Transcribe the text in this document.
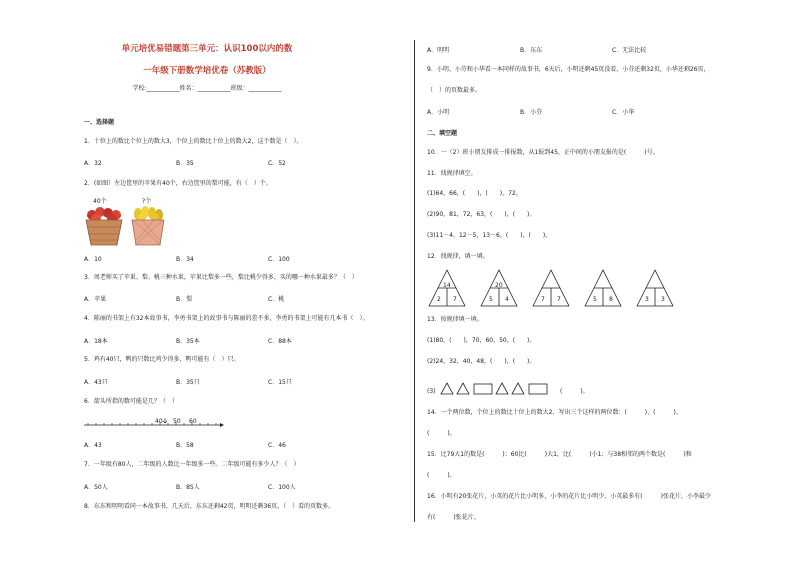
单元培优易错题第三单元：认识100以内的数
一年级下册数学培优卷（苏教版）
学校:___________姓名：___________班级：___________
一、选择题
1．十位上的数比个位上的数大3，个位上的数比十位上的数大2，这个数是（　）。
A．32	B．35	C．52
2．(如图）左边筐里的苹果有40个，右边筐里的梨可能，有（　）个。
40个	?个
A．10	B．34	C．100
3．周老师买了苹果、梨、桃三种水果，苹果比梨多一些，梨比桃少得多，买的哪一种水果最多？（　）
A．苹果	B．梨	C．桃
4．陈丽的书架上有32本故事书，李勇书架上的故事书与陈丽的差不多，李勇的书架上可能有几本书（　）。
A．18本	B．35本	C．88本
5．鸡有40只，鸭的只数比鸡少得多，鸭可能有（　）只。
A．43只	B．35只	C．15只
6．箭头所指的数可能是几？（　）
40 50 60
A．43	B．58	C．46
7．一年级有80人，二年级的人数比一年级多一些。二年级可能有多少人？（　）
A．50人	B．85人	C．100人
8．东东和明明看同一本故事书，几天后，东东还剩42页，明明还剩36页，（　）看的页数多。
A．明明	B．东东	C．无法比较
9．小明、小芬和小华看一本同样的故事书，6天后，小明还剩45页没看，小芬还剩32页，小华还剩26页，
（　）的页数最多。
A．小明	B．小芬	C．小华
二、填空题
10．一（2）班小朋友排成一排报数，从1报到45，正中间的小朋友报的是(　　　)号。
11．找规律填空。
(1)64，66，(　　)，(　　)，72。
(2)90，81，72，63，(　　)，(　　)。
(3)11－4，12－5，13－6，(　　)，(　　)。
12．找规律，填一填。
14
2 7
20
5 4	7 7	5 8	3 3
13．按规律填一填。
(1)80，(　　)，70，60，50，(　　)。
(2)24，32，40，48，(　　)，(　　)。
(3)	(　　　)。
14．一个两位数，个位上的数比十位上的数大2，写出三个这样的两位数：(　　　)、(　　　)、
(　　　)。
15．比79大1的数是(　　　)；60比(　　　)大1，比(　　　)小1；与38相邻的两个数是(　　　)和
(　　　)。
16．小明有20张花片，小英的花片比小明多，小李的花片比小明少，小英最多有(　　　)张花片，小李最少
有(　　　)张花片。
